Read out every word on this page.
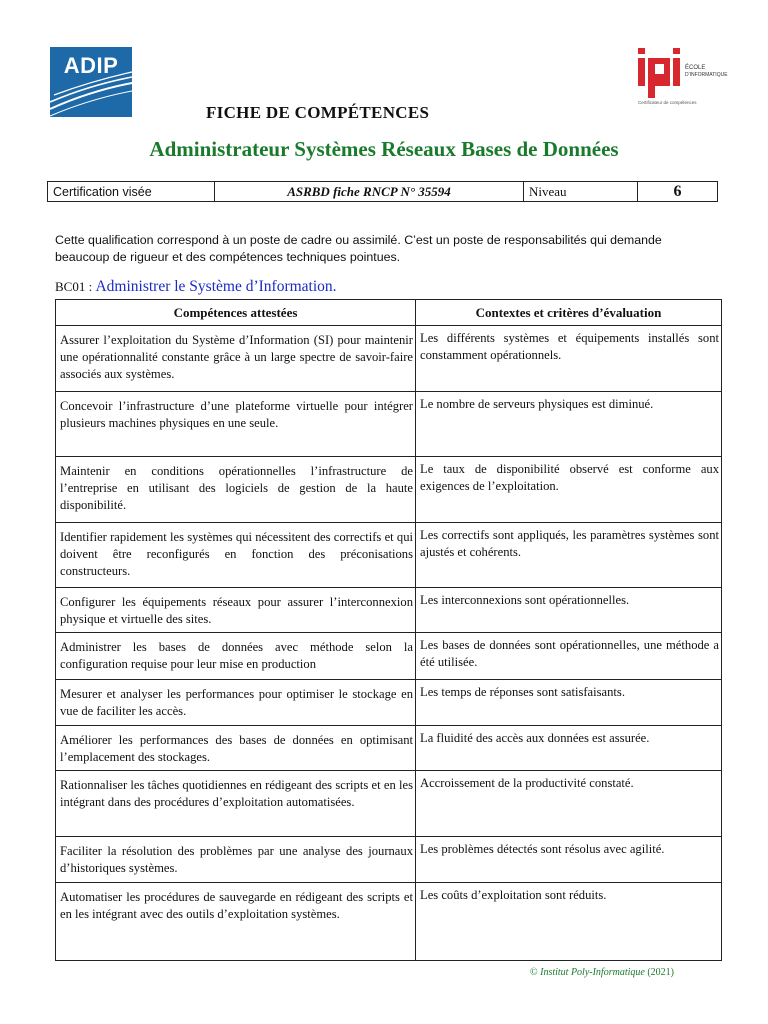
ADIP	ÉCOLE
D'INFORMATIQUE
Certificateur de compétences
FICHE DE COMPÉTENCES
Administrateur Systèmes Réseaux Bases de Données
Certification visée	ASRBD fiche RNCP N° 35594	Niveau	6
Cette qualification correspond à un poste de cadre ou assimilé. C’est un poste de responsabilités qui demande beaucoup de rigueur et des compétences techniques pointues.
BC01 : Administrer le Système d’Information.
Compétences attestées	Contextes et critères d’évaluation
Assurer l’exploitation du Système d’Information (SI) pour maintenir une opérationnalité constante grâce à un large spectre de savoir-faire associés aux systèmes.	Les différents systèmes et équipements installés sont constamment opérationnels.
Concevoir l’infrastructure d’une plateforme virtuelle pour intégrer plusieurs machines physiques en une seule.	Le nombre de serveurs physiques est diminué.
Maintenir en conditions opérationnelles l’infrastructure de l’entreprise en utilisant des logiciels de gestion de la haute disponibilité.	Le taux de disponibilité observé est conforme aux exigences de l’exploitation.
Identifier rapidement les systèmes qui nécessitent des correctifs et qui doivent être reconfigurés en fonction des préconisations constructeurs.	Les correctifs sont appliqués, les paramètres systèmes sont ajustés et cohérents.
Configurer les équipements réseaux pour assurer l’interconnexion physique et virtuelle des sites.	Les interconnexions sont opérationnelles.
Administrer les bases de données avec méthode selon la configuration requise pour leur mise en production	Les bases de données sont opérationnelles, une méthode a été utilisée.
Mesurer et analyser les performances pour optimiser le stockage en vue de faciliter les accès.	Les temps de réponses sont satisfaisants.
Améliorer les performances des bases de données en optimisant l’emplacement des stockages.	La fluidité des accès aux données est assurée.
Rationnaliser les tâches quotidiennes en rédigeant des scripts et en les intégrant dans des procédures d’exploitation automatisées.	Accroissement de la productivité constaté.
Faciliter la résolution des problèmes par une analyse des journaux d’historiques systèmes.	Les problèmes détectés sont résolus avec agilité.
Automatiser les procédures de sauvegarde en rédigeant des scripts et en les intégrant avec des outils d’exploitation systèmes.	Les coûts d’exploitation sont réduits.
© Institut Poly-Informatique (2021)
